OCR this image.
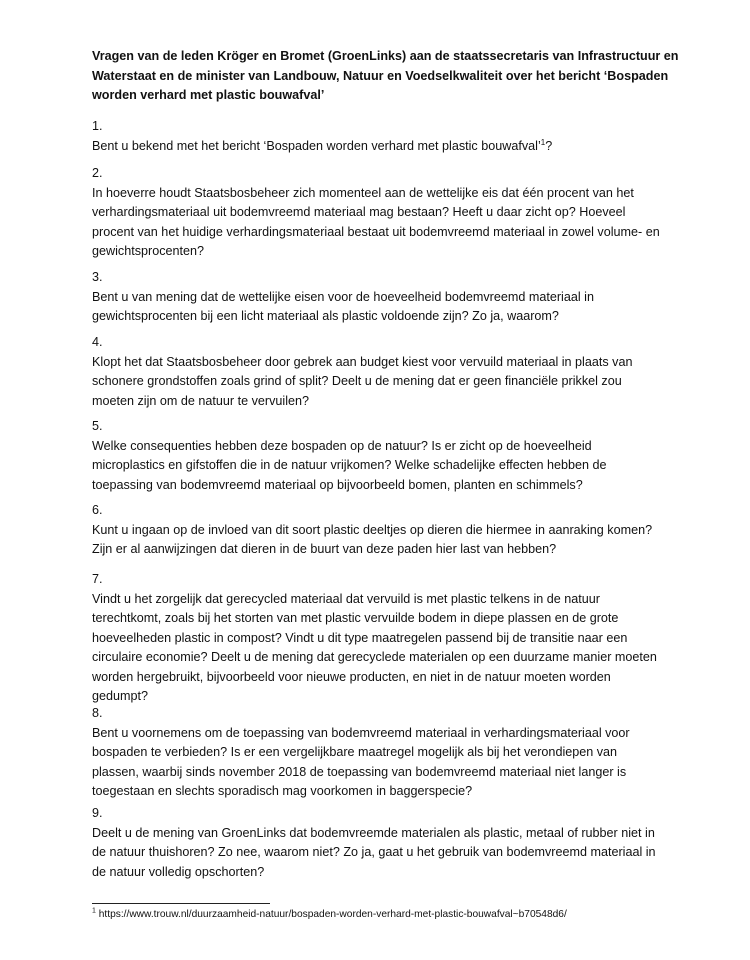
Vragen van de leden Kröger en Bromet (GroenLinks) aan de staatssecretaris van Infrastructuur en Waterstaat en de minister van Landbouw, Natuur en Voedselkwaliteit over het bericht ‘Bospaden worden verhard met plastic bouwafval’

1.
Bent u bekend met het bericht ‘Bospaden worden verhard met plastic bouwafval’$^1$?
2.
In hoeverre houdt Staatsbosbeheer zich momenteel aan de wettelijke eis dat één procent van het verhardingsmateriaal uit bodemvreemd materiaal mag bestaan? Heeft u daar zicht op? Hoeveel procent van het huidige verhardingsmateriaal bestaat uit bodemvreemd materiaal in zowel volume- en gewichtsprocenten?
3.
Bent u van mening dat de wettelijke eisen voor de hoeveelheid bodemvreemd materiaal in gewichtsprocenten bij een licht materiaal als plastic voldoende zijn? Zo ja, waarom?
4.
Klopt het dat Staatsbosbeheer door gebrek aan budget kiest voor vervuild materiaal in plaats van schonere grondstoffen zoals grind of split? Deelt u de mening dat er geen financiële prikkel zou moeten zijn om de natuur te vervuilen?
5.
Welke consequenties hebben deze bospaden op de natuur? Is er zicht op de hoeveelheid microplastics en gifstoffen die in de natuur vrijkomen? Welke schadelijke effecten hebben de toepassing van bodemvreemd materiaal op bijvoorbeeld bomen, planten en schimmels?
6.
Kunt u ingaan op de invloed van dit soort plastic deeltjes op dieren die hiermee in aanraking komen? Zijn er al aanwijzingen dat dieren in de buurt van deze paden hier last van hebben?
7.
Vindt u het zorgelijk dat gerecycled materiaal dat vervuild is met plastic telkens in de natuur terechtkomt, zoals bij het storten van met plastic vervuilde bodem in diepe plassen en de grote hoeveelheden plastic in compost? Vindt u dit type maatregelen passend bij de transitie naar een circulaire economie? Deelt u de mening dat gerecyclede materialen op een duurzame manier moeten worden hergebruikt, bijvoorbeeld voor nieuwe producten, en niet in de natuur moeten worden gedumpt?
8.
Bent u voornemens om de toepassing van bodemvreemd materiaal in verhardingsmateriaal voor bospaden te verbieden? Is er een vergelijkbare maatregel mogelijk als bij het verondiepen van plassen, waarbij sinds november 2018 de toepassing van bodemvreemd materiaal niet langer is toegestaan en slechts sporadisch mag voorkomen in baggerspecie?
9.
Deelt u de mening van GroenLinks dat bodemvreemde materialen als plastic, metaal of rubber niet in de natuur thuishoren? Zo nee, waarom niet? Zo ja, gaat u het gebruik van bodemvreemd materiaal in de natuur volledig opschorten?
$^1$ https://www.trouw.nl/duurzaamheid-natuur/bospaden-worden-verhard-met-plastic-bouwafval~b70548d6/
